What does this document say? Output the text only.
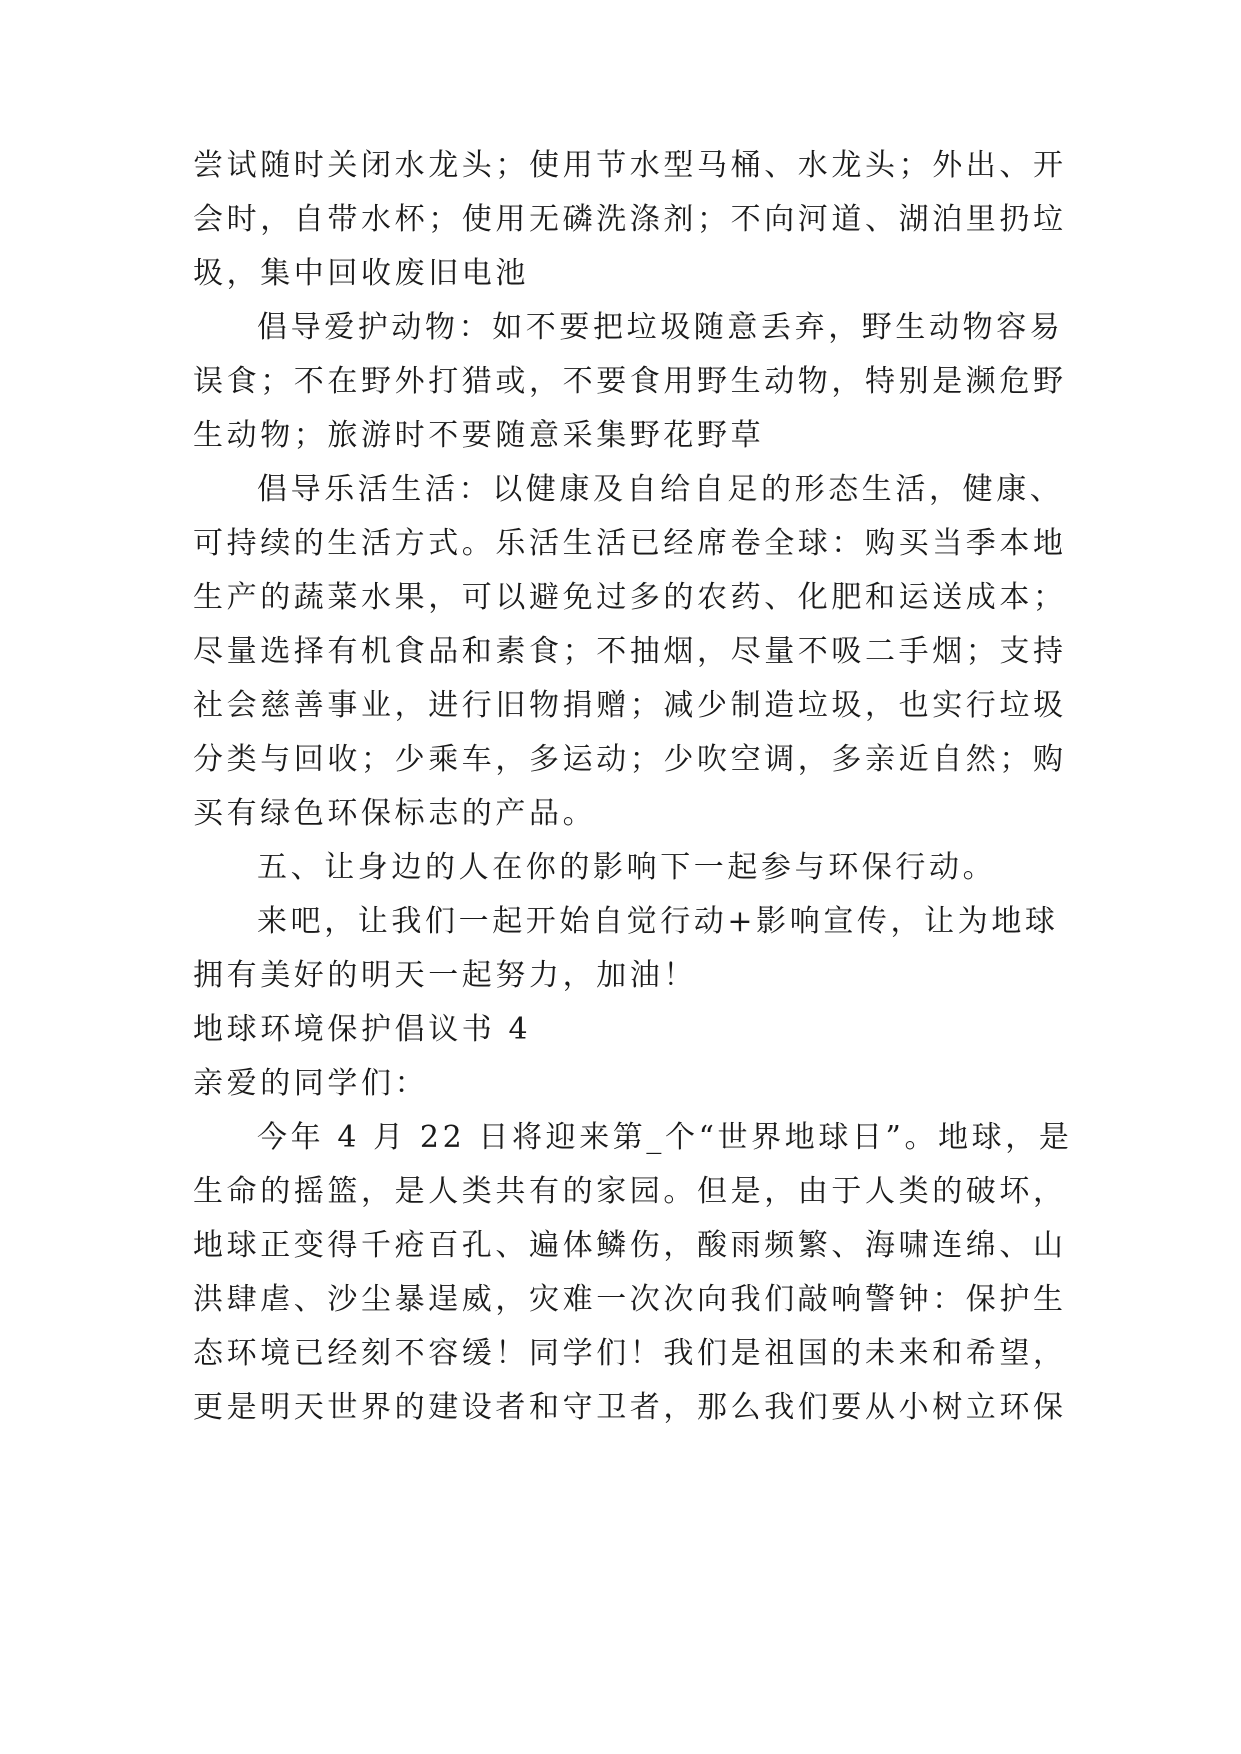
尝试随时关闭水龙头；使用节水型马桶、水龙头；外出、开
会时，自带水杯；使用无磷洗涤剂；不向河道、湖泊里扔垃
圾，集中回收废旧电池
倡导爱护动物：如不要把垃圾随意丢弃，野生动物容易
误食；不在野外打猎或，不要食用野生动物，特别是濒危野
生动物；旅游时不要随意采集野花野草
倡导乐活生活：以健康及自给自足的形态生活，健康、
可持续的生活方式。乐活生活已经席卷全球：购买当季本地
生产的蔬菜水果，可以避免过多的农药、化肥和运送成本；
尽量选择有机食品和素食；不抽烟，尽量不吸二手烟；支持
社会慈善事业，进行旧物捐赠；减少制造垃圾，也实行垃圾
分类与回收；少乘车，多运动；少吹空调，多亲近自然；购
买有绿色环保标志的产品。
五、让身边的人在你的影响下一起参与环保行动。
来吧，让我们一起开始自觉行动+影响宣传，让为地球
拥有美好的明天一起努力，加油！
地球环境保护倡议书 4
亲爱的同学们：
今年 4 月 22 日将迎来第_个“世界地球日”。地球，是
生命的摇篮，是人类共有的家园。但是，由于人类的破坏，
地球正变得千疮百孔、遍体鳞伤，酸雨频繁、海啸连绵、山
洪肆虐、沙尘暴逞威，灾难一次次向我们敲响警钟：保护生
态环境已经刻不容缓！同学们！我们是祖国的未来和希望，
更是明天世界的建设者和守卫者，那么我们要从小树立环保
